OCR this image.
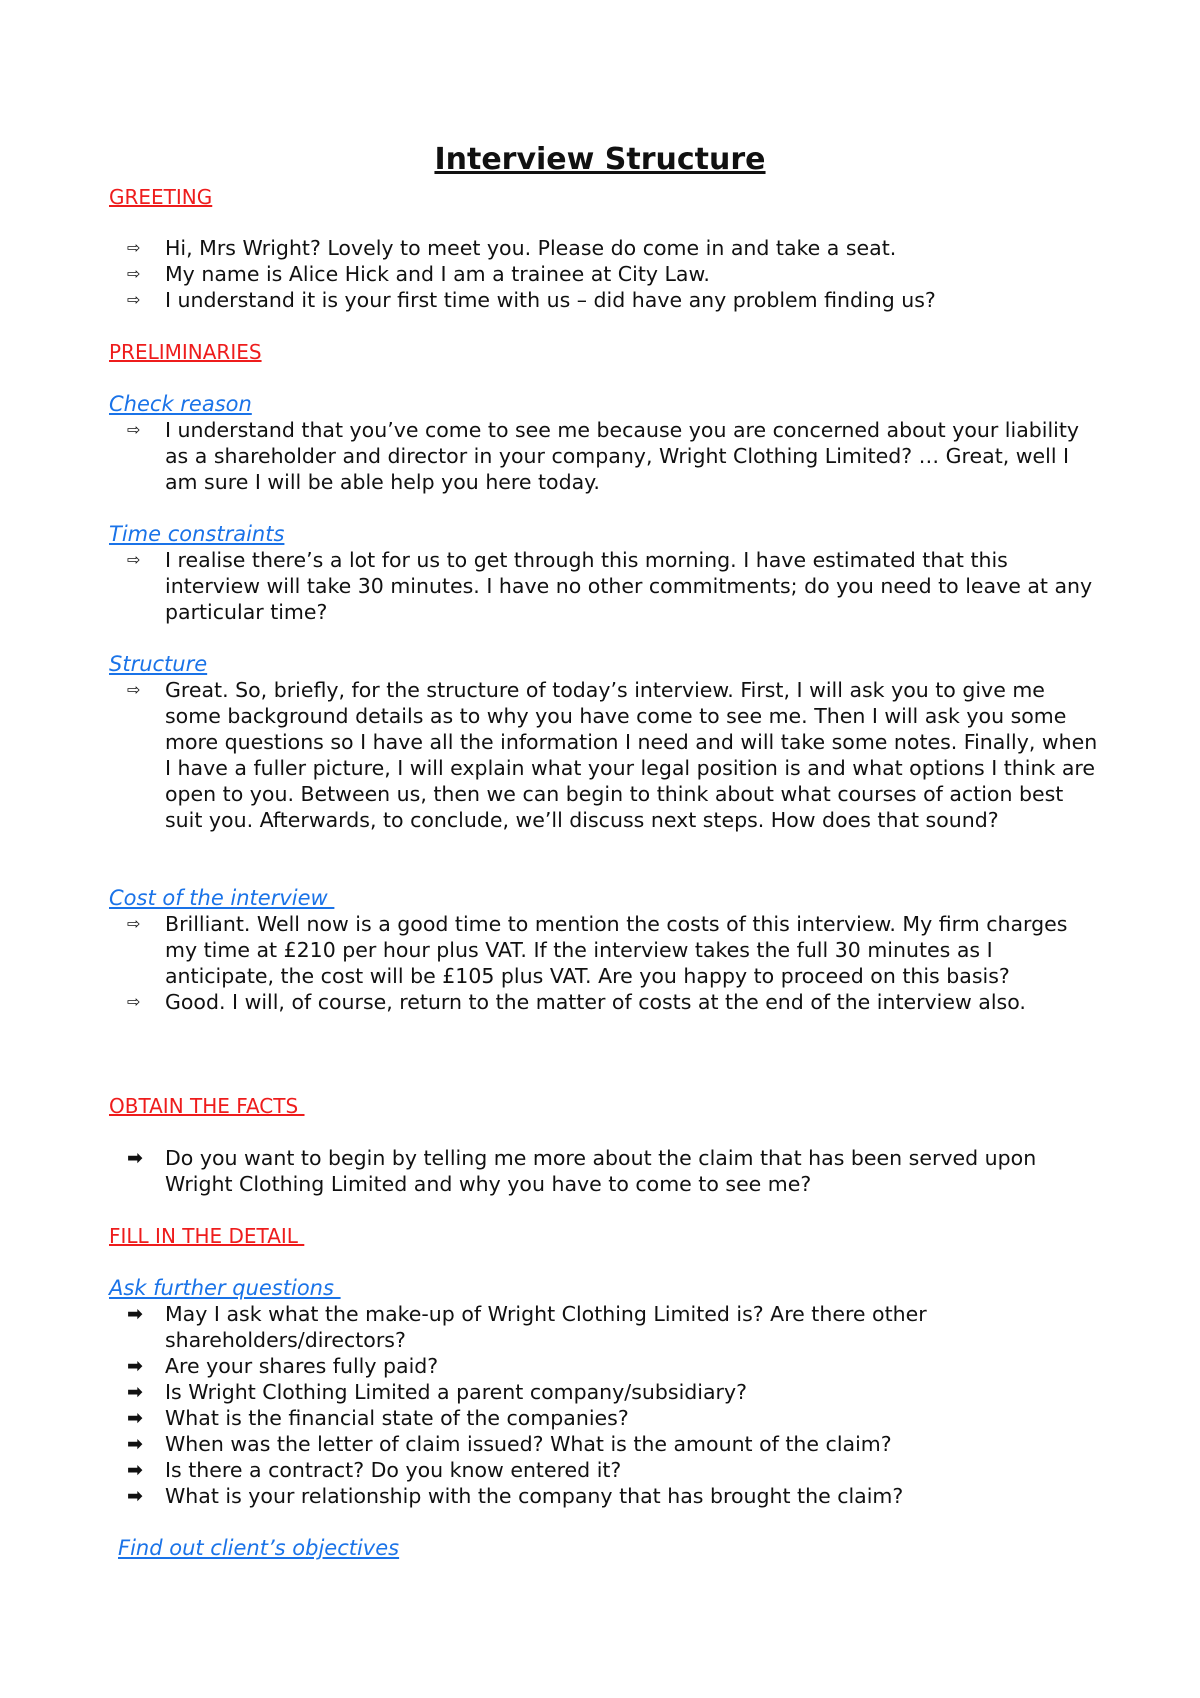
Interview Structure
GREETING
⇨ Hi, Mrs Wright? Lovely to meet you. Please do come in and take a seat.
⇨ My name is Alice Hick and I am a trainee at City Law.
⇨ I understand it is your first time with us – did have any problem finding us?
PRELIMINARIES
Check reason
⇨ I understand that you’ve come to see me because you are concerned about your liability as a shareholder and director in your company, Wright Clothing Limited? … Great, well I am sure I will be able help you here today.
Time constraints
⇨ I realise there’s a lot for us to get through this morning. I have estimated that this interview will take 30 minutes. I have no other commitments; do you need to leave at any particular time?
Structure
⇨ Great. So, briefly, for the structure of today’s interview. First, I will ask you to give me some background details as to why you have come to see me. Then I will ask you some more questions so I have all the information I need and will take some notes. Finally, when I have a fuller picture, I will explain what your legal position is and what options I think are open to you. Between us, then we can begin to think about what courses of action best suit you. Afterwards, to conclude, we’ll discuss next steps. How does that sound?
Cost of the interview
⇨ Brilliant. Well now is a good time to mention the costs of this interview. My firm charges my time at £210 per hour plus VAT. If the interview takes the full 30 minutes as I anticipate, the cost will be £105 plus VAT. Are you happy to proceed on this basis?
⇨ Good. I will, of course, return to the matter of costs at the end of the interview also.
OBTAIN THE FACTS
➡ Do you want to begin by telling me more about the claim that has been served upon Wright Clothing Limited and why you have to come to see me?
FILL IN THE DETAIL
Ask further questions
➡ May I ask what the make-up of Wright Clothing Limited is? Are there other shareholders/directors?
➡ Are your shares fully paid?
➡ Is Wright Clothing Limited a parent company/subsidiary?
➡ What is the financial state of the companies?
➡ When was the letter of claim issued? What is the amount of the claim?
➡ Is there a contract? Do you know entered it?
➡ What is your relationship with the company that has brought the claim?
Find out client’s objectives
